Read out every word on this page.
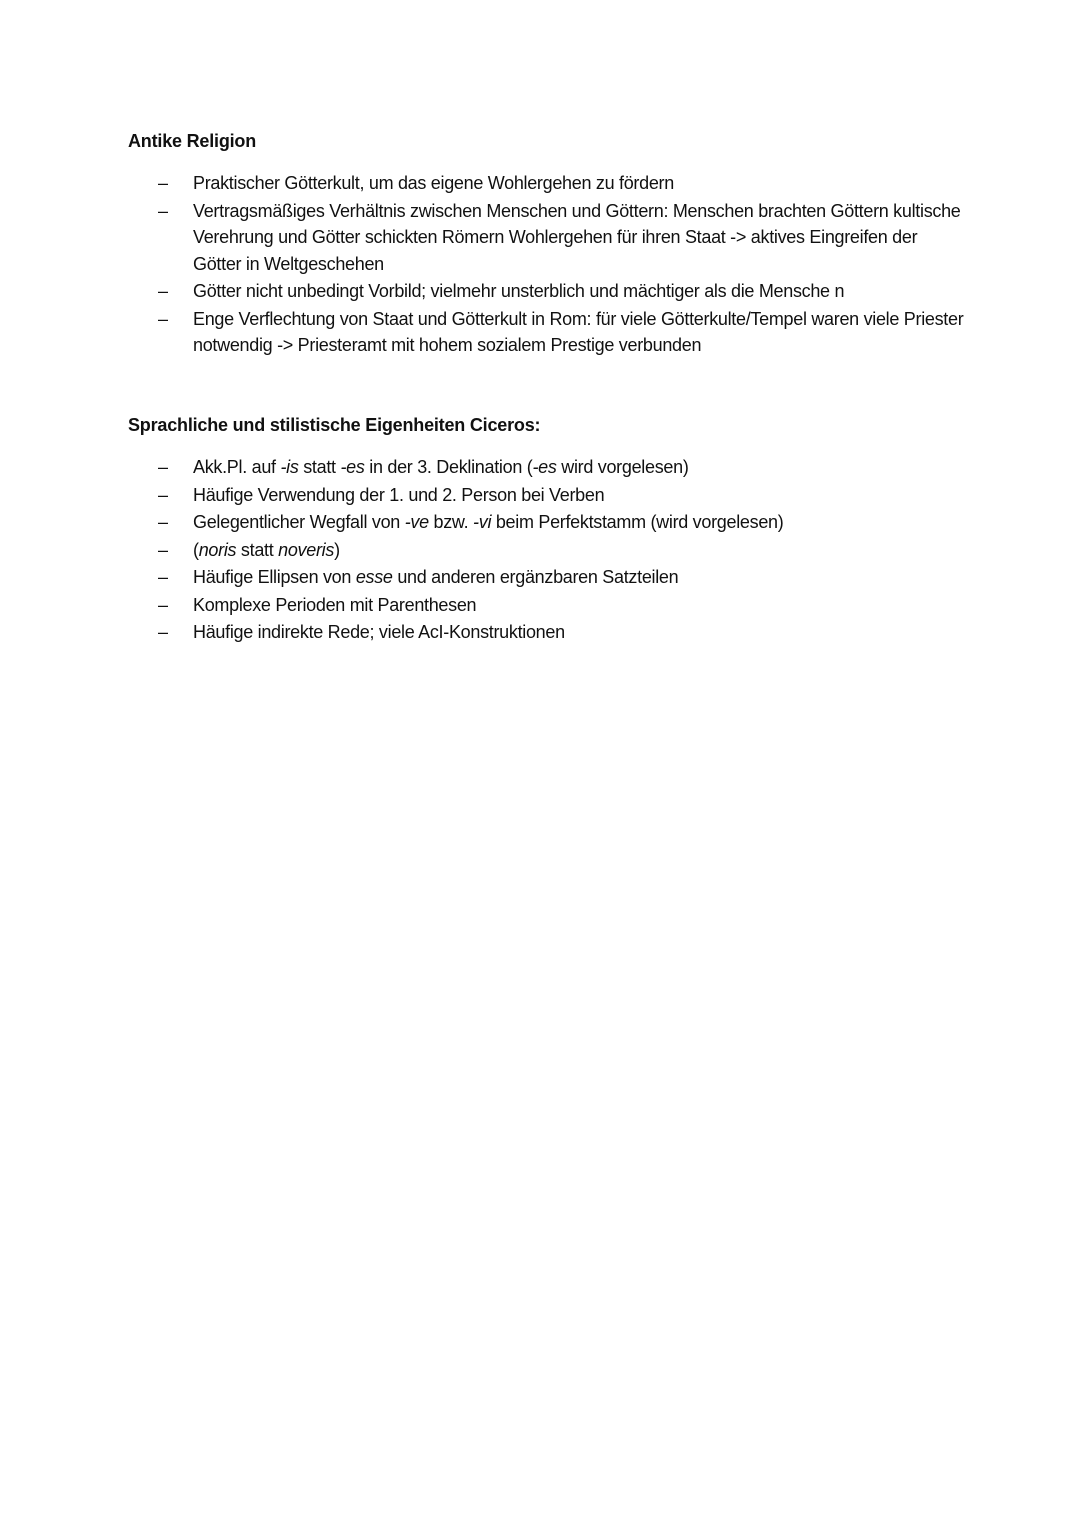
Antike Religion
– Praktischer Götterkult, um das eigene Wohlergehen zu fördern
– Vertragsmäßiges Verhältnis zwischen Menschen und Göttern: Menschen brachten Göttern kultische Verehrung und Götter schickten Römern Wohlergehen für ihren Staat -> aktives Eingreifen der Götter in Weltgeschehen
– Götter nicht unbedingt Vorbild; vielmehr unsterblich und mächtiger als die Mensche n
– Enge Verflechtung von Staat und Götterkult in Rom: für viele Götterkulte/Tempel waren viele Priester notwendig -> Priesteramt mit hohem sozialem Prestige verbunden
Sprachliche und stilistische Eigenheiten Ciceros:
– Akk.Pl. auf -is statt -es in der 3. Deklination (-es wird vorgelesen)
– Häufige Verwendung der 1. und 2. Person bei Verben
– Gelegentlicher Wegfall von -ve bzw. -vi beim Perfektstamm (wird vorgelesen)
– (noris statt noveris)
– Häufige Ellipsen von esse und anderen ergänzbaren Satzteilen
– Komplexe Perioden mit Parenthesen
– Häufige indirekte Rede; viele AcI-Konstruktionen
